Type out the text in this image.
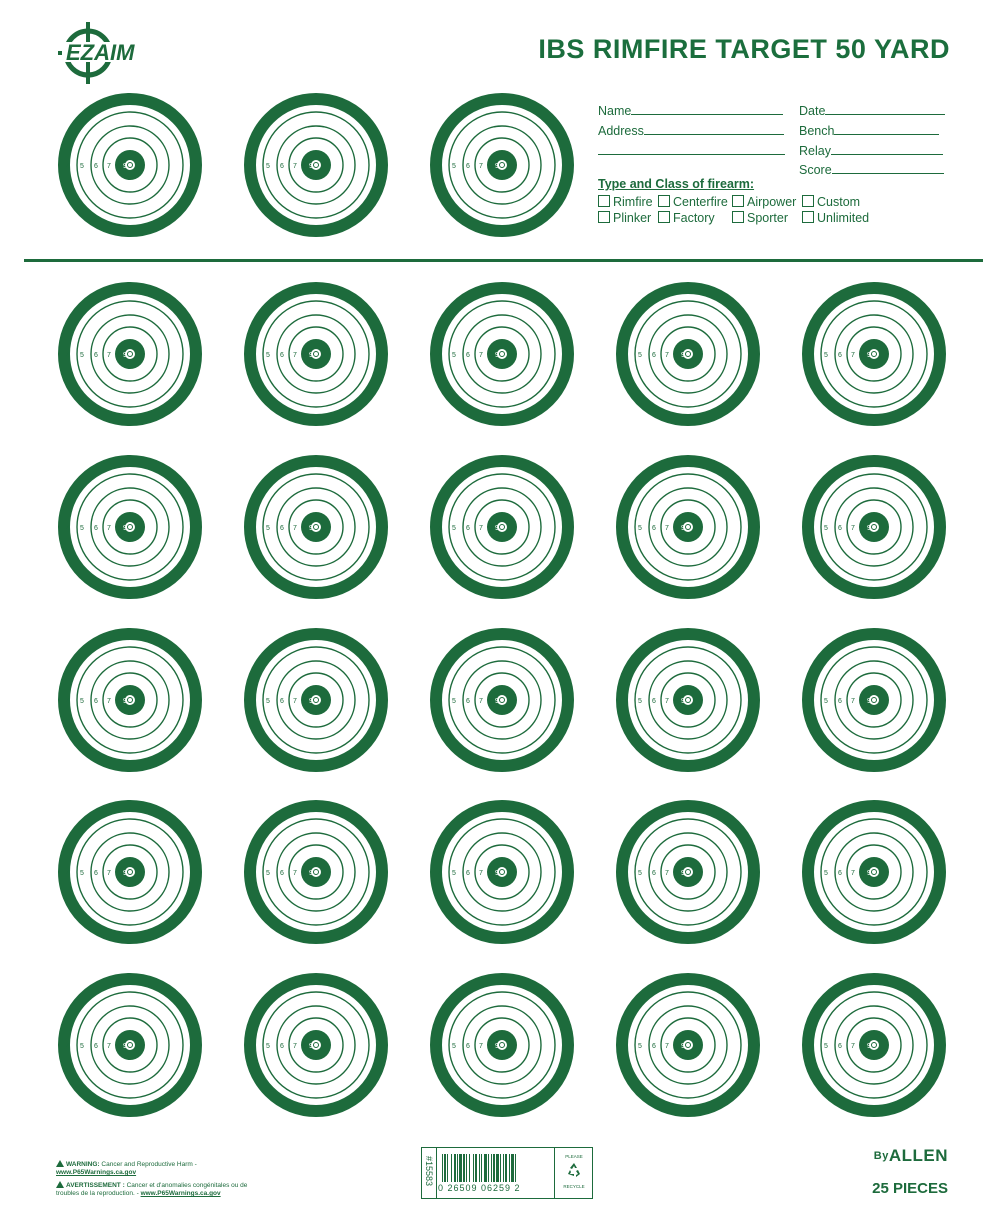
EZAIM	IBS RIMFIRE TARGET 50 YARD
Name
Address
Date
Bench
Relay
Score
Type and Class of firearm:
Rimfire	Centerfire	Airpower	Custom
Plinker	Factory	Sporter	Unlimited
4 5 6 7 8 9	4 5 6 7 8 9	4 5 6 7 8 9
4 5 6 7 8 9	4 5 6 7 8 9	4 5 6 7 8 9	4 5 6 7 8 9	4 5 6 7 8 9
4 5 6 7 8 9	4 5 6 7 8 9	4 5 6 7 8 9	4 5 6 7 8 9	4 5 6 7 8 9
4 5 6 7 8 9	4 5 6 7 8 9	4 5 6 7 8 9	4 5 6 7 8 9	4 5 6 7 8 9
4 5 6 7 8 9	4 5 6 7 8 9	4 5 6 7 8 9	4 5 6 7 8 9	4 5 6 7 8 9
4 5 6 7 8 9	4 5 6 7 8 9	4 5 6 7 8 9	4 5 6 7 8 9	4 5 6 7 8 9
WARNING: Cancer and Reproductive Harm -
www.P65Warnings.ca.gov
AVERTISSEMENT : Cancer et d'anomalies congénitales ou de troubles de la reproduction. - www.P65Warnings.ca.gov
#15583
0 26509 06259 2
PLEASE
RECYCLE
ByALLEN
25 PIECES
